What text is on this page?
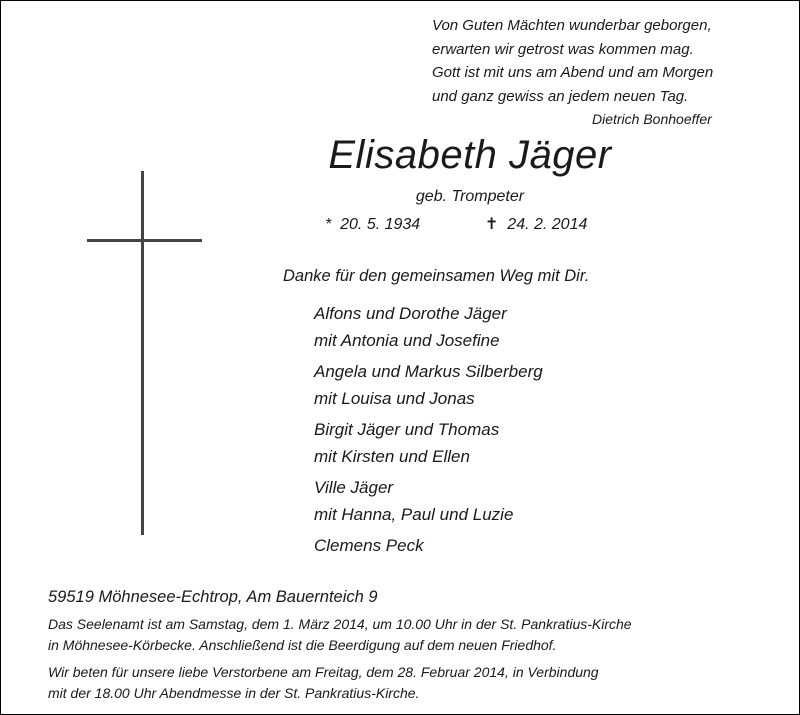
Von Guten Mächten wunderbar geborgen,
erwarten wir getrost was kommen mag.
Gott ist mit uns am Abend und am Morgen
und ganz gewiss an jedem neuen Tag.
Dietrich Bonhoeffer
Elisabeth Jäger
geb. Trompeter
* 20. 5. 1934	✝ 24. 2. 2014
Danke für den gemeinsamen Weg mit Dir.
Alfons und Dorothe Jäger
mit Antonia und Josefine
Angela und Markus Silberberg
mit Louisa und Jonas
Birgit Jäger und Thomas
mit Kirsten und Ellen
Ville Jäger
mit Hanna, Paul und Luzie
Clemens Peck
59519 Möhnesee-Echtrop, Am Bauernteich 9
Das Seelenamt ist am Samstag, dem 1. März 2014, um 10.00 Uhr in der St. Pankratius-Kirche
in Möhnesee-Körbecke. Anschließend ist die Beerdigung auf dem neuen Friedhof.
Wir beten für unsere liebe Verstorbene am Freitag, dem 28. Februar 2014, in Verbindung
mit der 18.00 Uhr Abendmesse in der St. Pankratius-Kirche.
